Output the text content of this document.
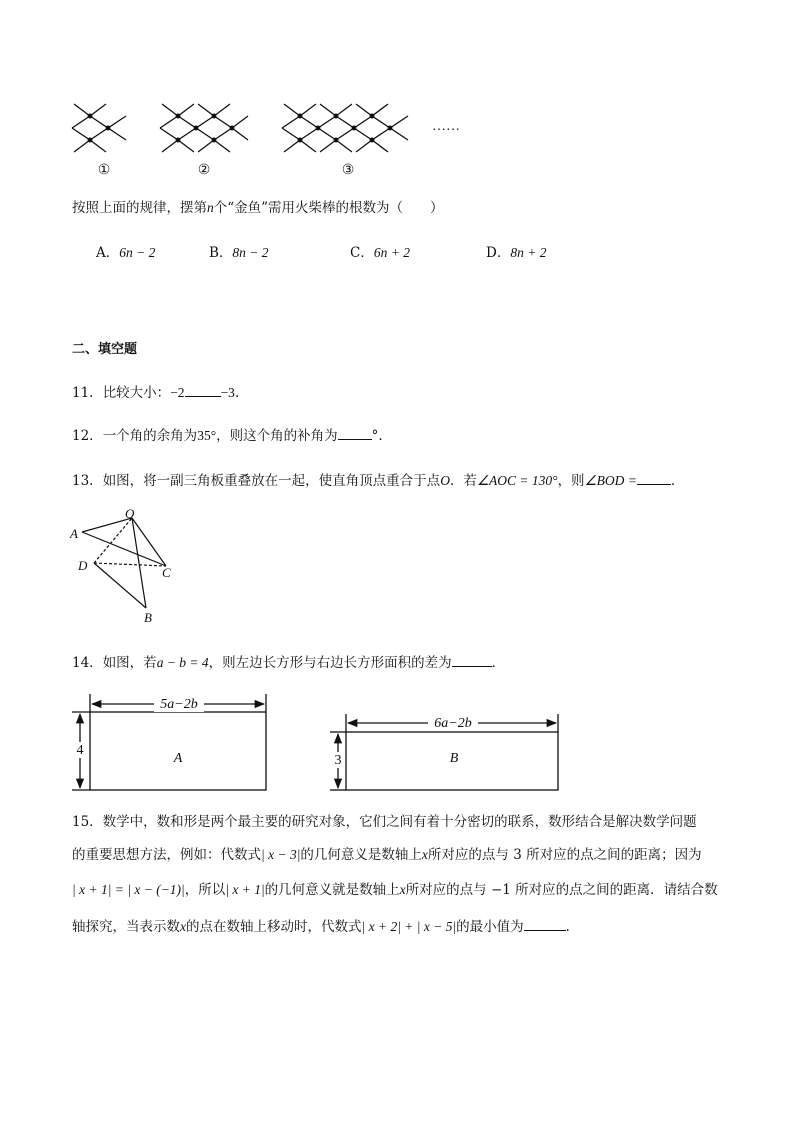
①	②	③
……
按照上面的规律，摆第n个“金鱼”需用火柴棒的根数为（　　）
A．6n − 2	B．8n − 2	C．6n + 2	D．8n + 2
二、填空题
11．比较大小：−2	−3.
12．一个角的余角为35°，则这个角的补角为	°.
13．如图，将一副三角板重叠放在一起，使直角顶点重合于点O．若∠AOC = 130°，则∠BOD =	．
O
A
D	C
B
14．如图，若a − b = 4，则左边长方形与右边长方形面积的差为	．
5a−2b
4
A
6a−2b
3	B
15．数学中，数和形是两个最主要的研究对象，它们之间有着十分密切的联系，数形结合是解决数学问题
的重要思想方法，例如：代数式| x − 3|的几何意义是数轴上x所对应的点与 3 所对应的点之间的距离；因为
| x + 1| = | x − (−1)|，所以| x + 1|的几何意义就是数轴上x所对应的点与 −1 所对应的点之间的距离．请结合数
轴探究，当表示数x的点在数轴上移动时，代数式| x + 2| + | x − 5|的最小值为	．
